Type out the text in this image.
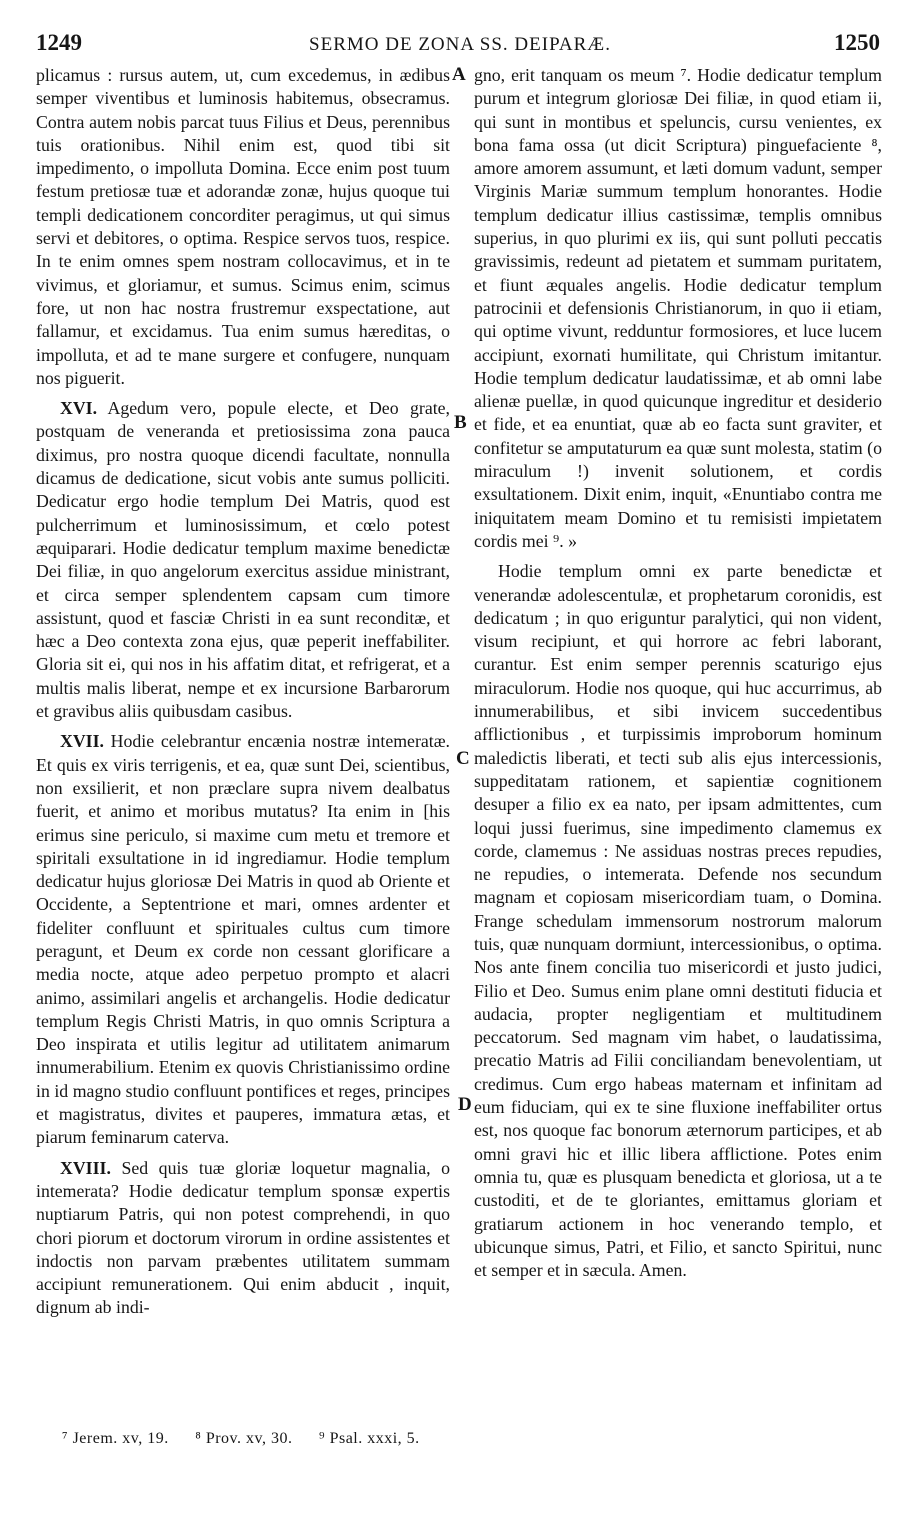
1249	SERMO DE ZONA SS. DEIPARÆ.	1250

plicamus : rursus autem, ut, cum excedemus, in ædibus semper viventibus et luminosis habitemus, obsecramus. Contra autem nobis parcat tuus Filius et Deus, perennibus tuis orationibus. Nihil enim est, quod tibi sit impedimento, o impolluta Domina. Ecce enim post tuum festum pretiosæ tuæ et adorandæ zonæ, hujus quoque tui templi dedicationem concorditer peragimus, ut qui simus servi et debitores, o optima. Respice servos tuos, respice. In te enim omnes spem nostram collocavimus, et in te vivimus, et gloriamur, et sumus. Scimus enim, scimus fore, ut non hac nostra frustremur exspectatione, aut fallamur, et excidamus. Tua enim sumus hæreditas, o impolluta, et ad te mane surgere et confugere, nunquam nos piguerit.

XVI. Agedum vero, popule electe, et Deo grate, postquam de veneranda et pretiosissima zona pauca diximus, pro nostra quoque dicendi facultate, nonnulla dicamus de dedicatione, sicut vobis ante sumus polliciti. Dedicatur ergo hodie templum Dei Matris, quod est pulcherrimum et luminosissimum, et cœlo potest æquiparari. Hodie dedicatur templum maxime benedictæ Dei filiæ, in quo angelorum exercitus assidue ministrant, et circa semper splendentem capsam cum timore assistunt, quod et fasciæ Christi in ea sunt reconditæ, et hæc a Deo contexta zona ejus, quæ peperit ineffabiliter. Gloria sit ei, qui nos in his affatim ditat, et refrigerat, et a multis malis liberat, nempe et ex incursione Barbarorum et gravibus aliis quibusdam casibus.

XVII. Hodie celebrantur encænia nostræ intemeratæ. Et quis ex viris terrigenis, et ea, quæ sunt Dei, scientibus, non exsilierit, et non præclare supra nivem dealbatus fuerit, et animo et moribus mutatus? Ita enim in [his erimus sine periculo, si maxime cum metu et tremore et spiritali exsultatione in id ingrediamur. Hodie templum dedicatur hujus gloriosæ Dei Matris in quod ab Oriente et Occidente, a Septentrione et mari, omnes ardenter et fideliter confluunt et spirituales cultus cum timore peragunt, et Deum ex corde non cessant glorificare a media nocte, atque adeo perpetuo prompto et alacri animo, assimilari angelis et archangelis. Hodie dedicatur templum Regis Christi Matris, in quo omnis Scriptura a Deo inspirata et utilis legitur ad utilitatem animarum innumerabilium. Etenim ex quovis Christianissimo ordine in id magno studio confluunt pontifices et reges, principes et magistratus, divites et pauperes, immatura ætas, et piarum feminarum caterva.

XVIII. Sed quis tuæ gloriæ loquetur magnalia, o intemerata? Hodie dedicatur templum sponsæ expertis nuptiarum Patris, qui non potest comprehendi, in quo chori piorum et doctorum virorum in ordine assistentes et indoctis non parvam præbentes utilitatem summam accipiunt remunerationem. Qui enim abducit , inquit, dignum ab indi-

A
B
C
D

gno, erit tanquam os meum ⁷. Hodie dedicatur templum purum et integrum gloriosæ Dei filiæ, in quod etiam ii, qui sunt in montibus et speluncis, cursu venientes, ex bona fama ossa (ut dicit Scriptura) pinguefaciente ⁸, amore amorem assumunt, et læti domum vadunt, semper Virginis Mariæ summum templum honorantes. Hodie templum dedicatur illius castissimæ, templis omnibus superius, in quo plurimi ex iis, qui sunt polluti peccatis gravissimis, redeunt ad pietatem et summam puritatem, et fiunt æquales angelis. Hodie dedicatur templum patrocinii et defensionis Christianorum, in quo ii etiam, qui optime vivunt, redduntur formosiores, et luce lucem accipiunt, exornati humilitate, qui Christum imitantur. Hodie templum dedicatur laudatissimæ, et ab omni labe alienæ puellæ, in quod quicunque ingreditur et desiderio et fide, et ea enuntiat, quæ ab eo facta sunt graviter, et confitetur se amputaturum ea quæ sunt molesta, statim (o miraculum !) invenit solutionem, et cordis exsultationem. Dixit enim, inquit, «Enuntiabo contra me iniquitatem meam Domino et tu remisisti impietatem cordis mei ⁹. »

Hodie templum omni ex parte benedictæ et venerandæ adolescentulæ, et prophetarum coronidis, est dedicatum ; in quo eriguntur paralytici, qui non vident, visum recipiunt, et qui horrore ac febri laborant, curantur. Est enim semper perennis scaturigo ejus miraculorum. Hodie nos quoque, qui huc accurrimus, ab innumerabilibus, et sibi invicem succedentibus afflictionibus , et turpissimis improborum hominum maledictis liberati, et tecti sub alis ejus intercessionis, suppeditatam rationem, et sapientiæ cognitionem desuper a filio ex ea nato, per ipsam admittentes, cum loqui jussi fuerimus, sine impedimento clamemus ex corde, clamemus : Ne assiduas nostras preces repudies, ne repudies, o intemerata. Defende nos secundum magnam et copiosam misericordiam tuam, o Domina. Frange schedulam immensorum nostrorum malorum tuis, quæ nunquam dormiunt, intercessionibus, o optima. Nos ante finem concilia tuo misericordi et justo judici, Filio et Deo. Sumus enim plane omni destituti fiducia et audacia, propter negligentiam et multitudinem peccatorum. Sed magnam vim habet, o laudatissima, precatio Matris ad Filii conciliandam benevolentiam, ut credimus. Cum ergo habeas maternam et infinitam ad eum fiduciam, qui ex te sine fluxione ineffabiliter ortus est, nos quoque fac bonorum æternorum participes, et ab omni gravi hic et illic libera afflictione. Potes enim omnia tu, quæ es plusquam benedicta et gloriosa, ut a te custoditi, et de te gloriantes, emittamus gloriam et gratiarum actionem in hoc venerando templo, et ubicunque simus, Patri, et Filio, et sancto Spiritui, nunc et semper et in sæcula. Amen.

⁷ Jerem. xv, 19. ⁸ Prov. xv, 30. ⁹ Psal. xxxi, 5.
